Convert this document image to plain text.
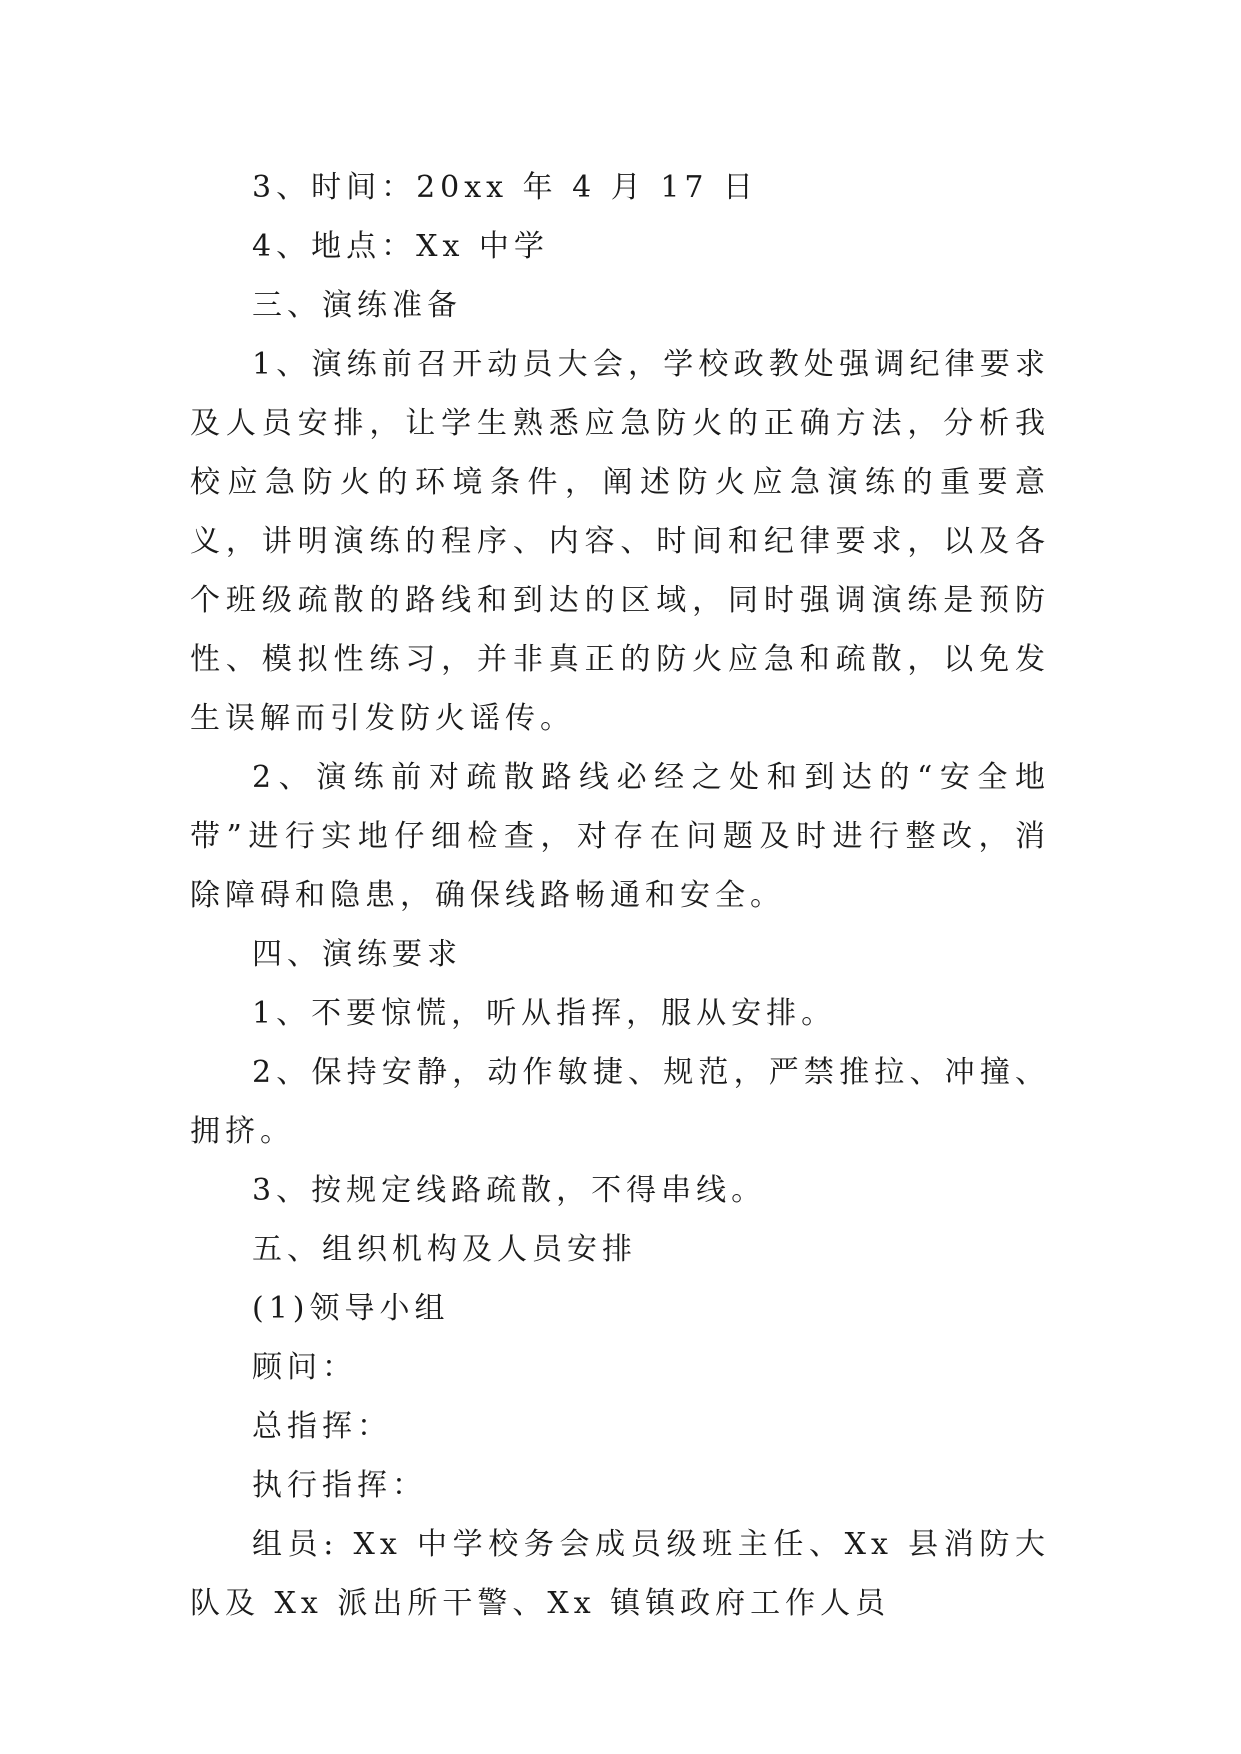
3、时间：20xx 年 4 月 17 日

4、地点：Xx 中学

三、演练准备

1、演练前召开动员大会，学校政教处强调纪律要求及人员安排，让学生熟悉应急防火的正确方法，分析我校应急防火的环境条件，阐述防火应急演练的重要意义，讲明演练的程序、内容、时间和纪律要求，以及各个班级疏散的路线和到达的区域，同时强调演练是预防性、模拟性练习，并非真正的防火应急和疏散，以免发生误解而引发防火谣传。

2、演练前对疏散路线必经之处和到达的“安全地带”进行实地仔细检查，对存在问题及时进行整改，消除障碍和隐患，确保线路畅通和安全。

四、演练要求

1、不要惊慌，听从指挥，服从安排。

2、保持安静，动作敏捷、规范，严禁推拉、冲撞、拥挤。

3、按规定线路疏散，不得串线。

五、组织机构及人员安排

(1)领导小组

顾问：

总指挥：

执行指挥：

组员: Xx 中学校务会成员级班主任、Xx 县消防大队及 Xx 派出所干警、Xx 镇镇政府工作人员
